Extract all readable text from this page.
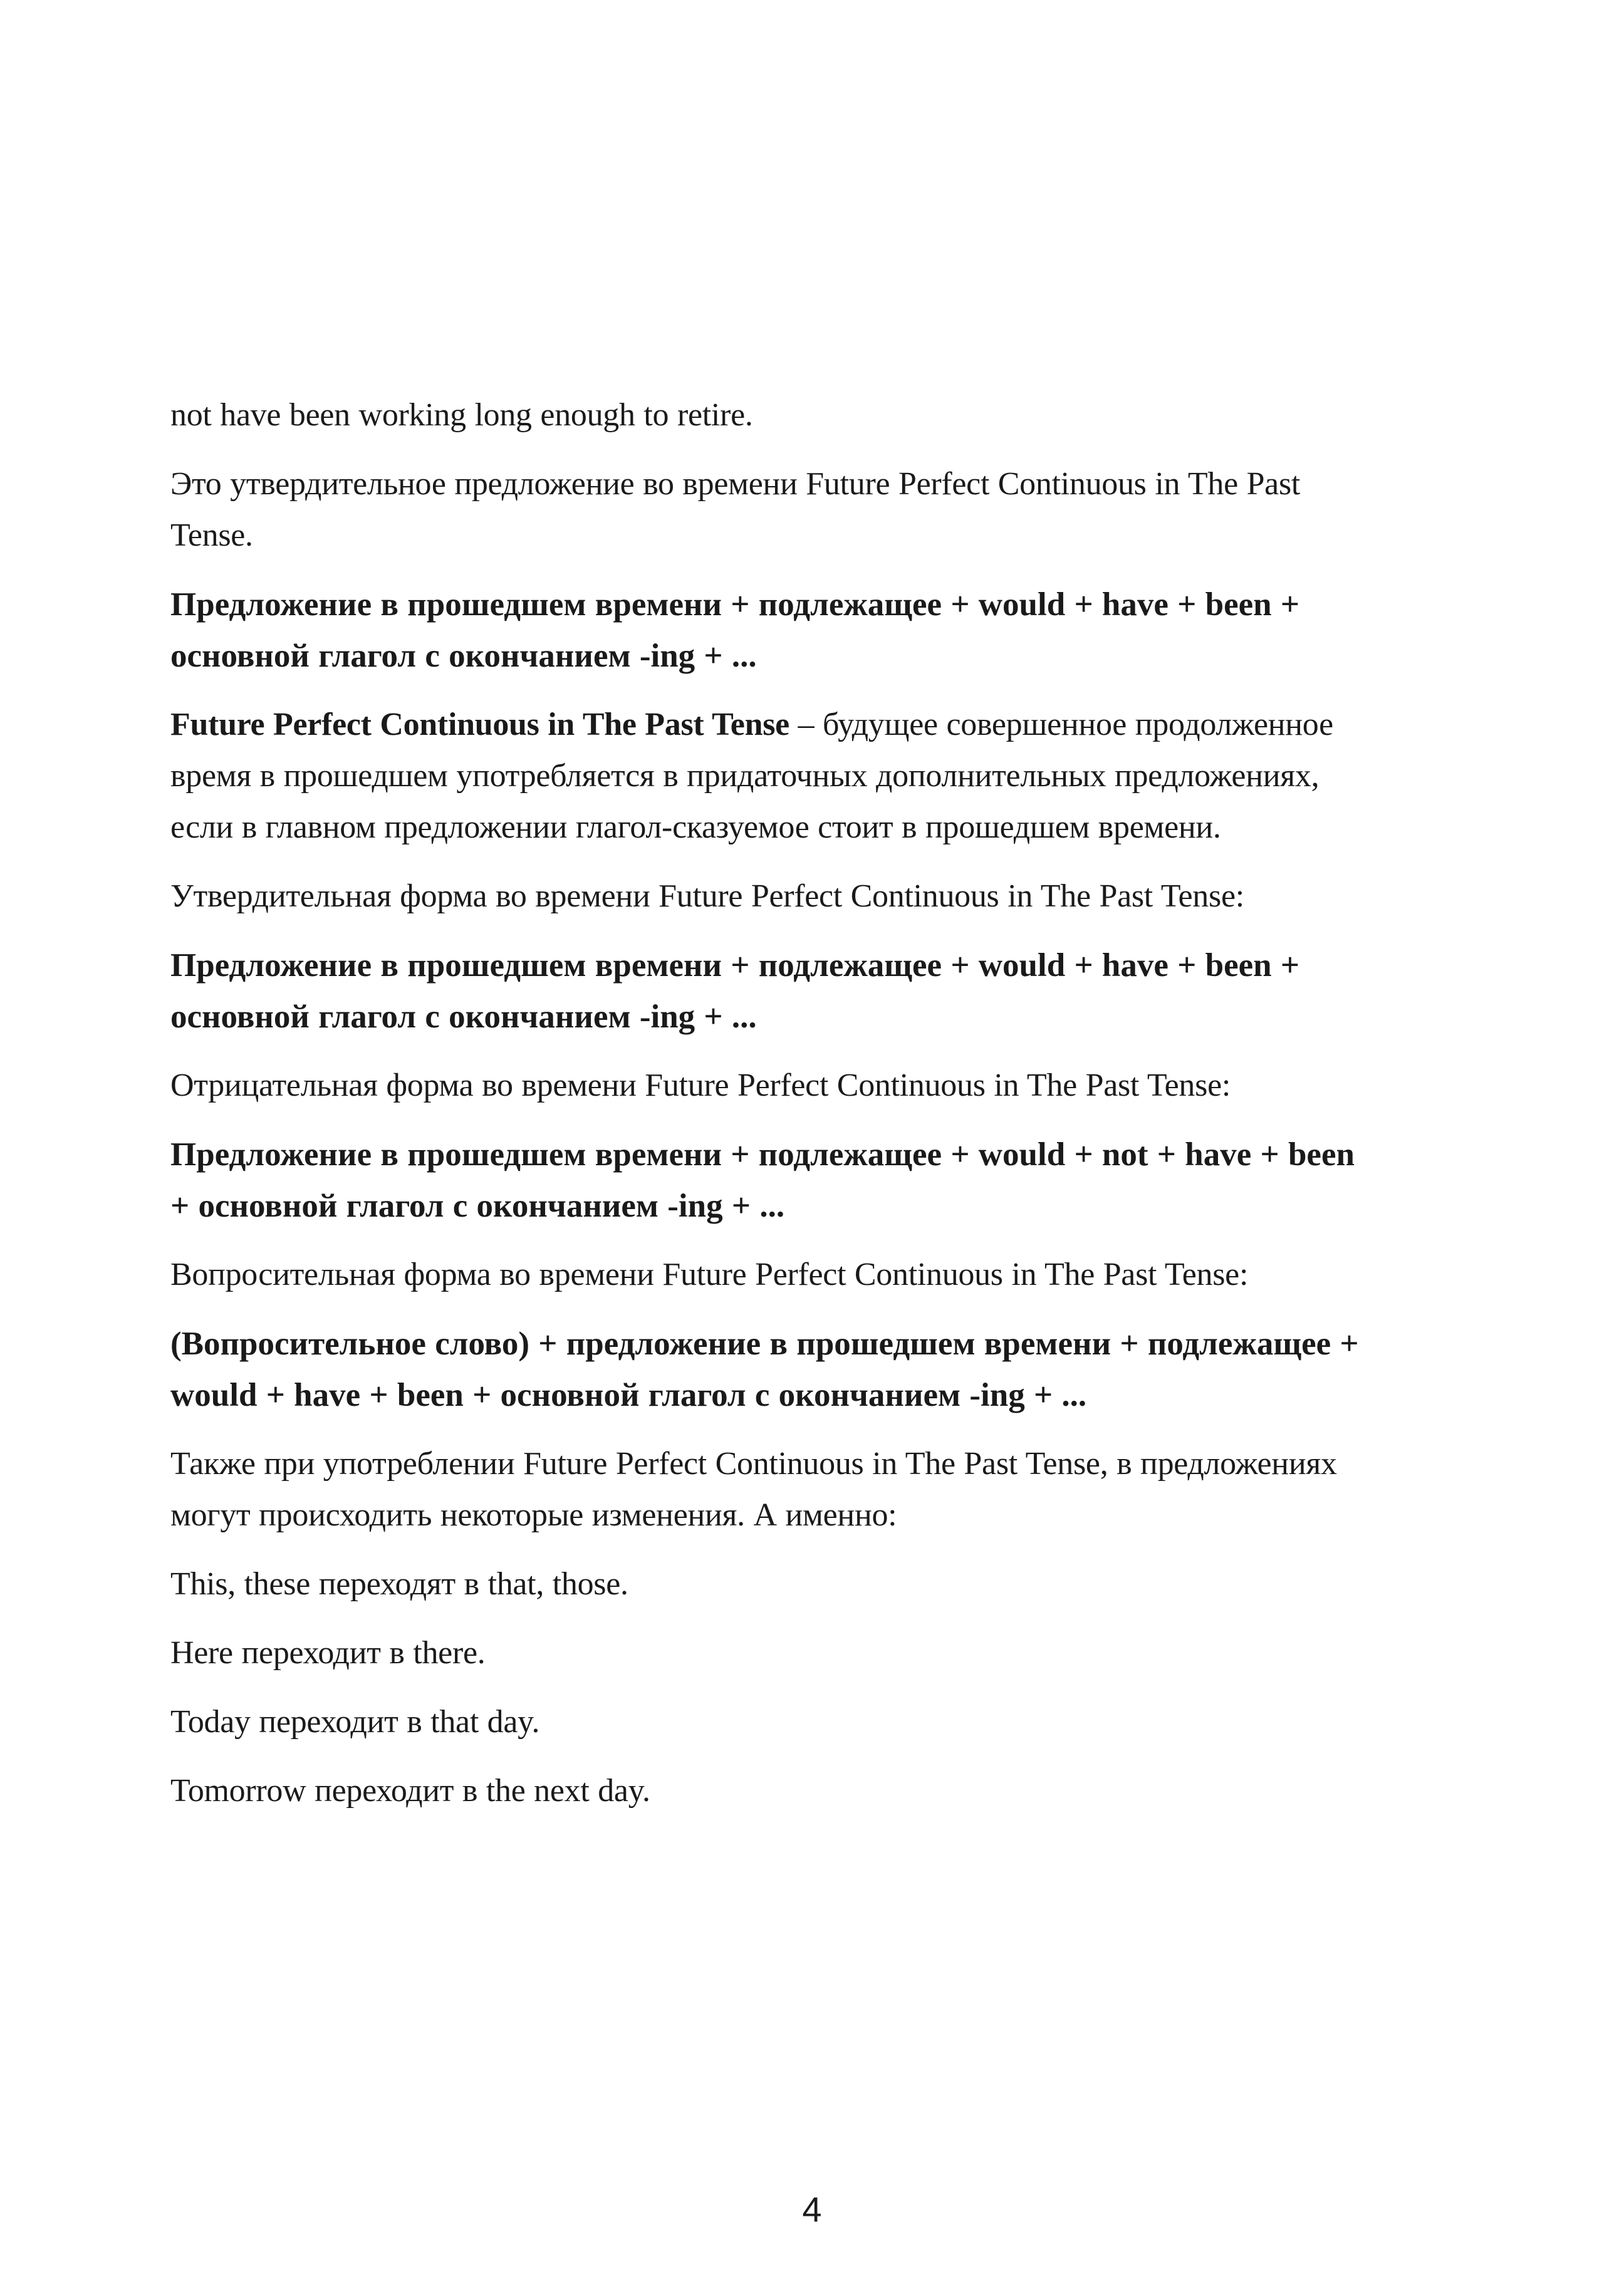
not have been working long enough to retire.

Это утвердительное предложение во времени Future Perfect Continuous in The Past Tense.

Предложение в прошедшем времени + подлежащее + would + have + been + основной глагол с окончанием -ing + ...

Future Perfect Continuous in The Past Tense – будущее совершенное продолженное время в прошедшем употребляется в придаточных дополнительных предложениях, если в главном предложении глагол-сказуемое стоит в прошедшем времени.

Утвердительная форма во времени Future Perfect Continuous in The Past Tense:

Предложение в прошедшем времени + подлежащее + would + have + been + основной глагол с окончанием -ing + ...

Отрицательная форма во времени Future Perfect Continuous in The Past Tense:

Предложение в прошедшем времени + подлежащее + would + not + have + been + основной глагол с окончанием -ing + ...

Вопросительная форма во времени Future Perfect Continuous in The Past Tense:

(Вопросительное слово) + предложение в прошедшем времени + подлежащее + would + have + been + основной глагол с окончанием -ing + ...

Также при употреблении Future Perfect Continuous in The Past Tense, в предложениях могут происходить некоторые изменения. А именно:

This, these переходят в that, those.

Here переходит в there.

Today переходит в that day.

Tomorrow переходит в the next day.

4
